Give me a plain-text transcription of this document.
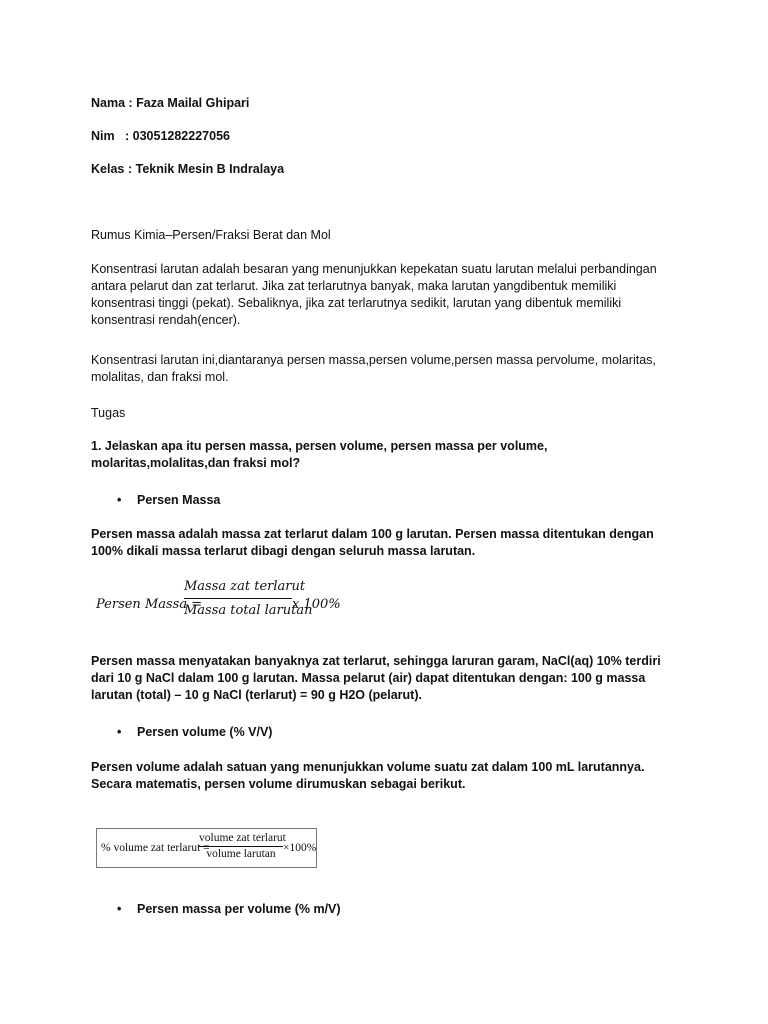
Nama : Faza Mailal Ghipari

Nim : 03051282227056

Kelas : Teknik Mesin B Indralaya

Rumus Kimia–Persen/Fraksi Berat dan Mol

Konsentrasi larutan adalah besaran yang menunjukkan kepekatan suatu larutan melalui perbandingan antara pelarut dan zat terlarut. Jika zat terlarutnya banyak, maka larutan yangdibentuk memiliki konsentrasi tinggi (pekat). Sebaliknya, jika zat terlarutnya sedikit, larutan yang dibentuk memiliki konsentrasi rendah(encer).

Konsentrasi larutan ini,diantaranya persen massa,persen volume,persen massa pervolume, molaritas, molalitas, dan fraksi mol.

Tugas

1. Jelaskan apa itu persen massa, persen volume, persen massa per volume, molaritas,molalitas,dan fraksi mol?

• Persen Massa

Persen massa adalah massa zat terlarut dalam 100 g larutan. Persen massa ditentukan dengan 100% dikali massa terlarut dibagi dengan seluruh massa larutan.

Persen Massa =
Massa zat terlarut
Massa total larutan
x 100%

Persen massa menyatakan banyaknya zat terlarut, sehingga laruran garam, NaCl(aq) 10% terdiri dari 10 g NaCl dalam 100 g larutan. Massa pelarut (air) dapat ditentukan dengan: 100 g massa larutan (total) – 10 g NaCl (terlarut) = 90 g H2O (pelarut).

• Persen volume (% V/V)

Persen volume adalah satuan yang menunjukkan volume suatu zat dalam 100 mL larutannya. Secara matematis, persen volume dirumuskan sebagai berikut.

% volume zat terlarut =
volume zat terlarut
volume larutan ×100%
• Persen massa per volume (% m/V)
